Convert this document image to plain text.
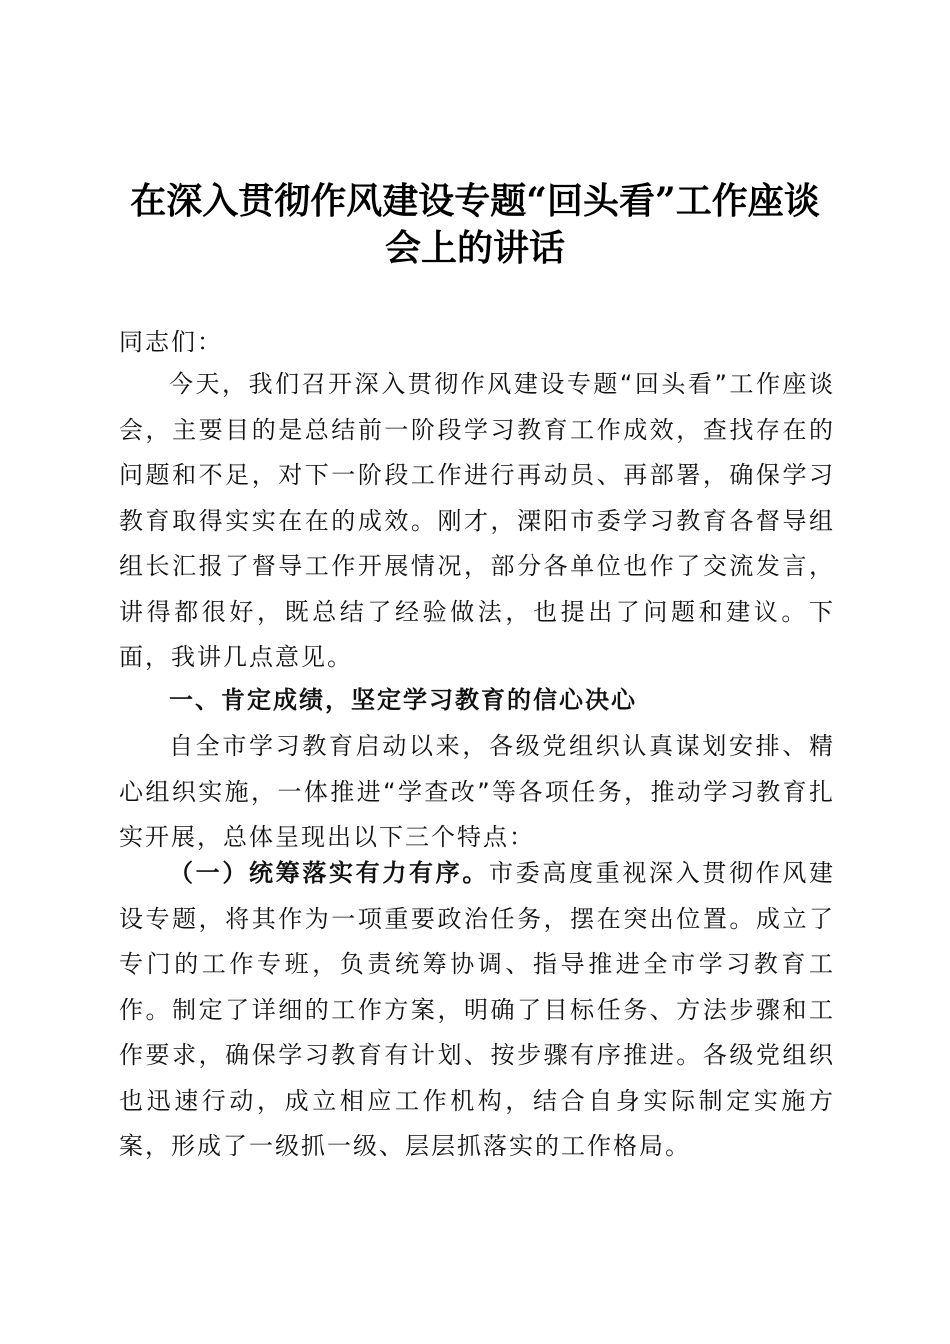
在深入贯彻作风建设专题“回头看”工作座谈
会上的讲话

同志们：

今天，我们召开深入贯彻作风建设专题“回头看”工作座谈会，主要目的是总结前一阶段学习教育工作成效，查找存在的问题和不足，对下一阶段工作进行再动员、再部署，确保学习教育取得实实在在的成效。刚才，溧阳市委学习教育各督导组组长汇报了督导工作开展情况，部分各单位也作了交流发言，讲得都很好，既总结了经验做法，也提出了问题和建议。下面，我讲几点意见。

一、肯定成绩，坚定学习教育的信心决心

自全市学习教育启动以来，各级党组织认真谋划安排、精心组织实施，一体推进“学查改”等各项任务，推动学习教育扎实开展，总体呈现出以下三个特点：

（一）统筹落实有力有序。市委高度重视深入贯彻作风建设专题，将其作为一项重要政治任务，摆在突出位置。成立了专门的工作专班，负责统筹协调、指导推进全市学习教育工作。制定了详细的工作方案，明确了目标任务、方法步骤和工作要求，确保学习教育有计划、按步骤有序推进。各级党组织也迅速行动，成立相应工作机构，结合自身实际制定实施方案，形成了一级抓一级、层层抓落实的工作格局。
